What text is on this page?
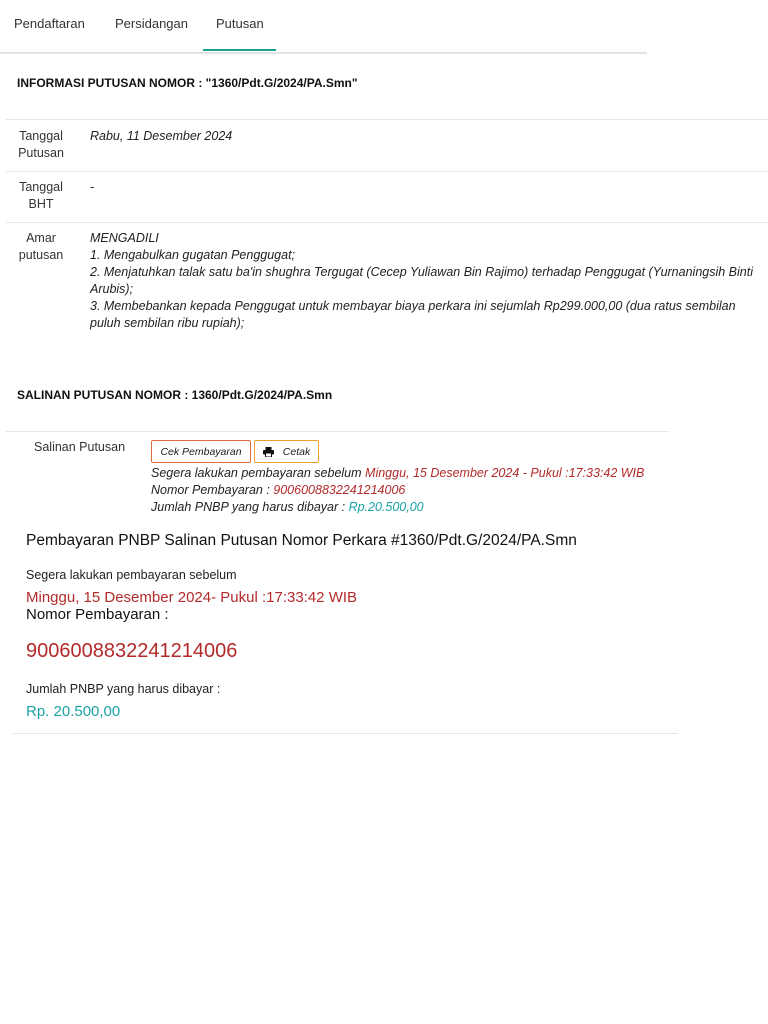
Pendaftaran Persidangan Putusan
INFORMASI PUTUSAN NOMOR : "1360/Pdt.G/2024/PA.Smn"
Tanggal
Putusan
Rabu, 11 Desember 2024
Tanggal
BHT
-
Amar
putusan
MENGADILI
1. Mengabulkan gugatan Penggugat;
2. Menjatuhkan talak satu ba'in shughra Tergugat (Cecep Yuliawan Bin Rajimo) terhadap Penggugat (Yurnaningsih Binti
Arubis);
3. Membebankan kepada Penggugat untuk membayar biaya perkara ini sejumlah Rp299.000,00 (dua ratus sembilan
puluh sembilan ribu rupiah);
SALINAN PUTUSAN NOMOR : 1360/Pdt.G/2024/PA.Smn
Salinan Putusan	Cek Pembayaran	Cetak
Segera lakukan pembayaran sebelum Minggu, 15 Desember 2024 - Pukul :17:33:42 WIB
Nomor Pembayaran : 9006008832241214006
Jumlah PNBP yang harus dibayar : Rp.20.500,00
Pembayaran PNBP Salinan Putusan Nomor Perkara #1360/Pdt.G/2024/PA.Smn
Segera lakukan pembayaran sebelum
Minggu, 15 Desember 2024- Pukul :17:33:42 WIB
Nomor Pembayaran :
9006008832241214006
Jumlah PNBP yang harus dibayar :
Rp. 20.500,00
